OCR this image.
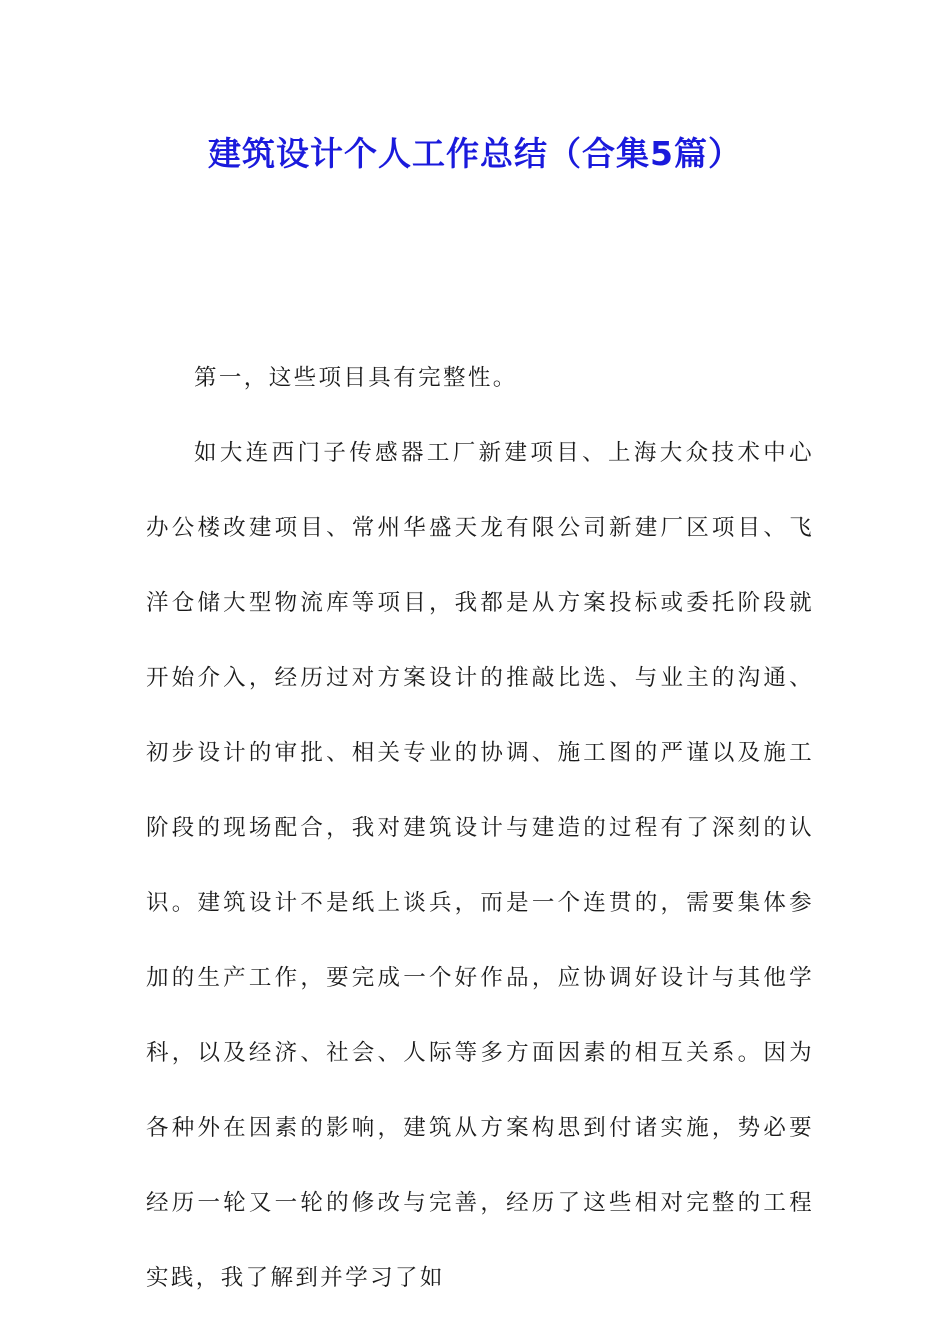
建筑设计个人工作总结（合集5篇）

第一，这些项目具有完整性。

如大连西门子传感器工厂新建项目、上海大众技术中心办公楼改建项目、常州华盛天龙有限公司新建厂区项目、飞洋仓储大型物流库等项目，我都是从方案投标或委托阶段就开始介入，经历过对方案设计的推敲比选、与业主的沟通、初步设计的审批、相关专业的协调、施工图的严谨以及施工阶段的现场配合，我对建筑设计与建造的过程有了深刻的认识。建筑设计不是纸上谈兵，而是一个连贯的，需要集体参加的生产工作，要完成一个好作品，应协调好设计与其他学科，以及经济、社会、人际等多方面因素的相互关系。因为各种外在因素的影响，建筑从方案构思到付诸实施，势必要经历一轮又一轮的修改与完善，经历了这些相对完整的工程实践，我了解到并学习了如
